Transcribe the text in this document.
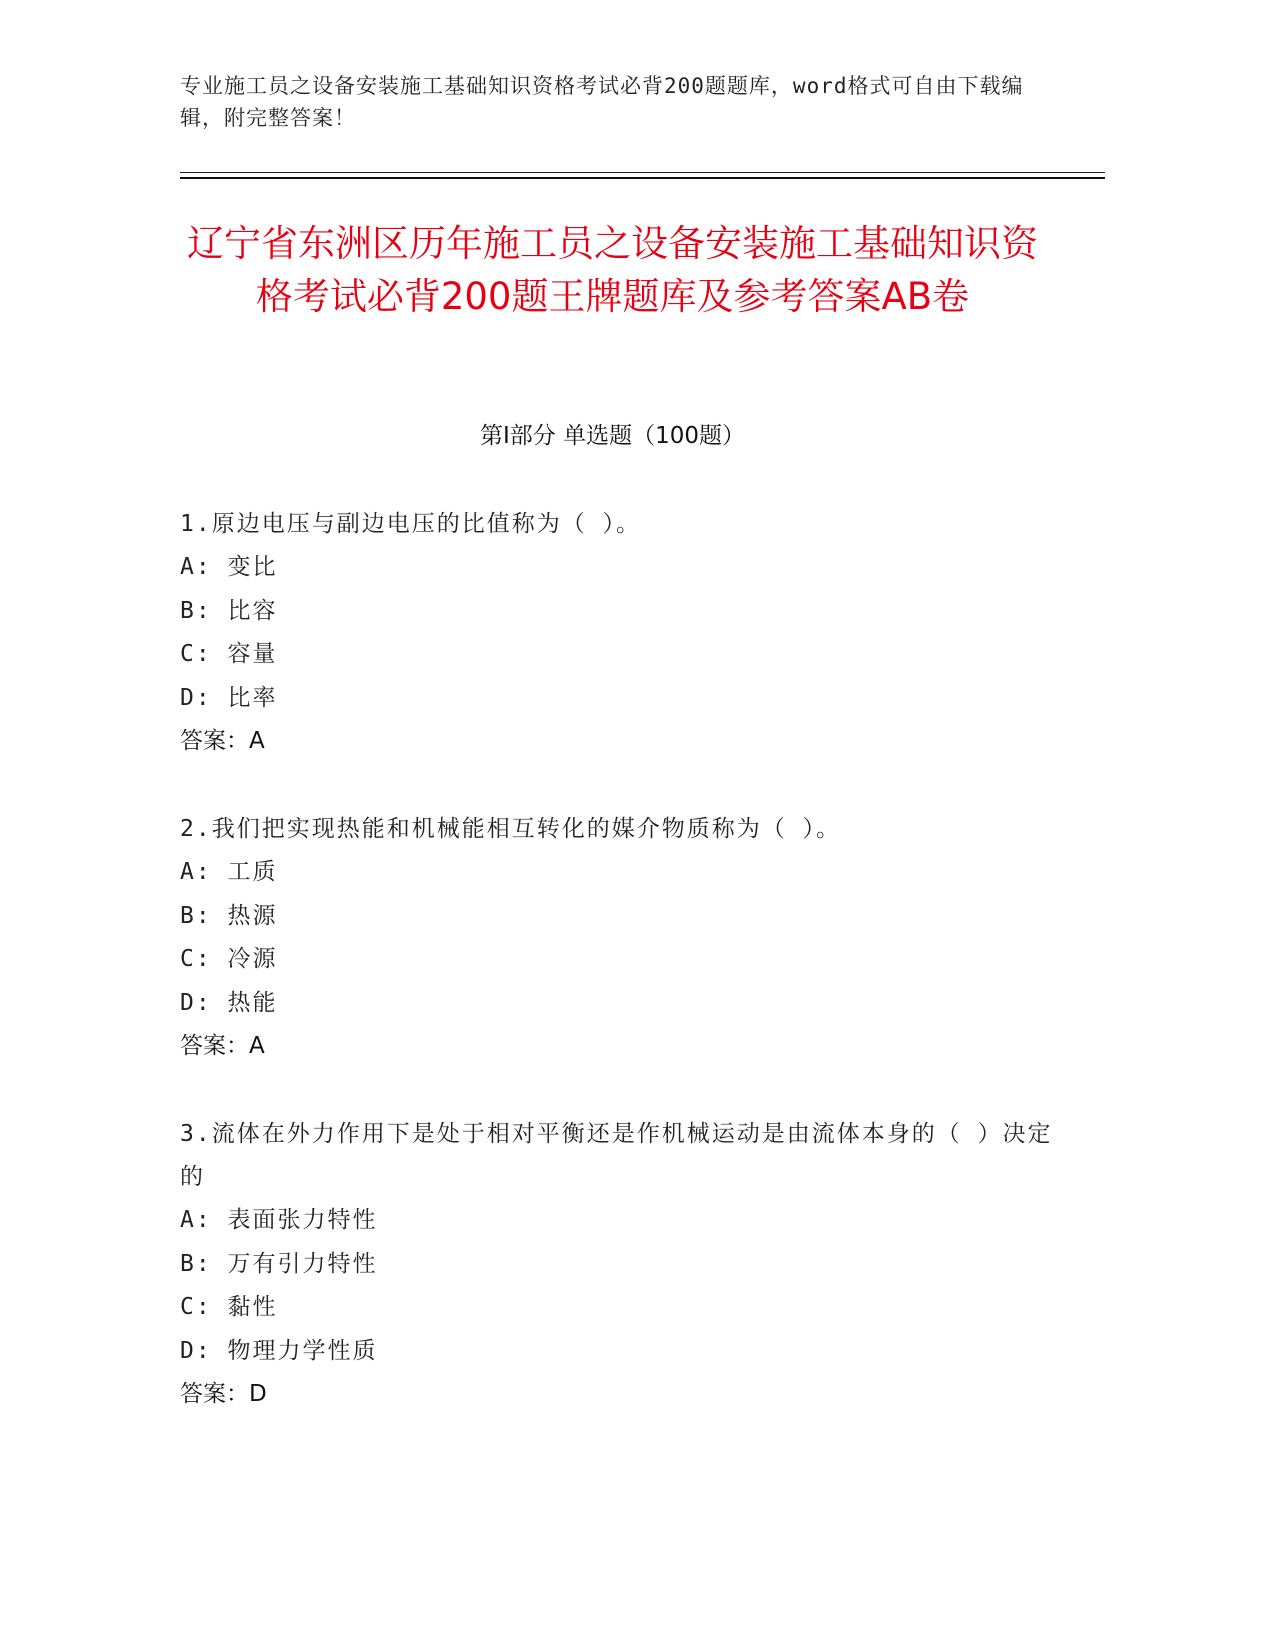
专业施工员之设备安装施工基础知识资格考试必背200题题库，word格式可自由下载编辑，附完整答案！
辽宁省东洲区历年施工员之设备安装施工基础知识资格考试必背200题王牌题库及参考答案AB卷
第Ⅰ部分 单选题（100题）
1.原边电压与副边电压的比值称为（ ）。
A: 变比
B: 比容
C: 容量
D: 比率
答案：A
2.我们把实现热能和机械能相互转化的媒介物质称为（ ）。
A: 工质
B: 热源
C: 冷源
D: 热能
答案：A
3.流体在外力作用下是处于相对平衡还是作机械运动是由流体本身的（ ）决定的
A: 表面张力特性
B: 万有引力特性
C: 黏性
D: 物理力学性质
答案：D
